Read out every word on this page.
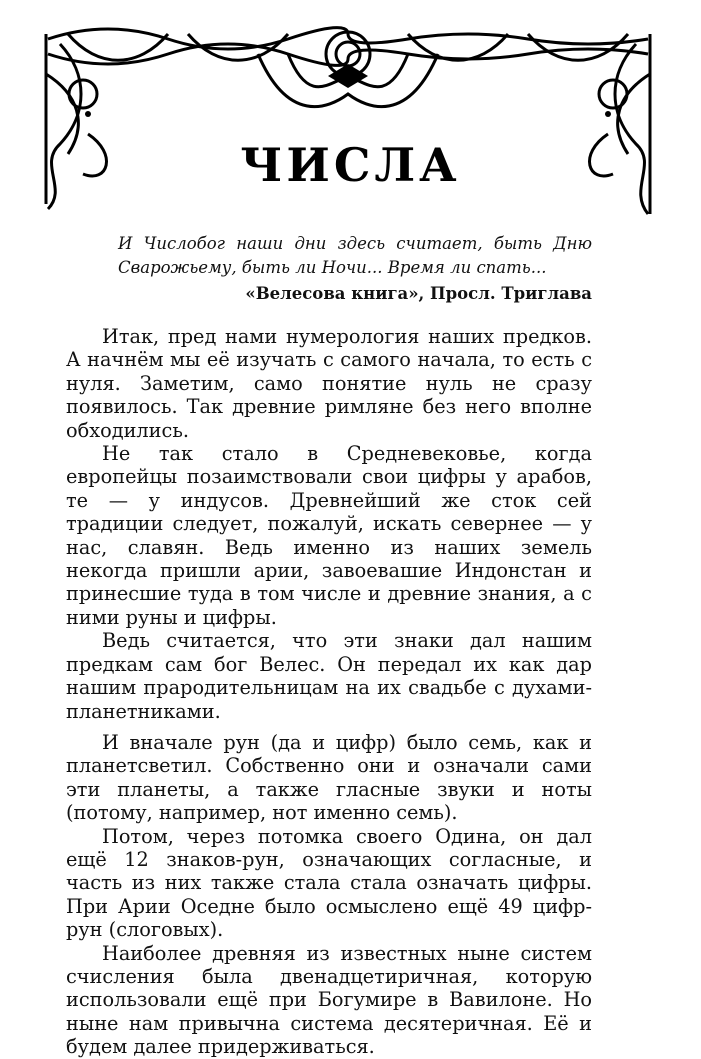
ЧИСЛА
И Числобог наши дни здесь считает, быть Дню Сварожьему, быть ли Ночи... Время ли спать...
«Велесова книга», Просл. Триглава

Итак, пред нами нумерология наших предков. А начнём мы её изучать с самого начала, то есть с нуля. Заметим, само понятие нуль не сразу появилось. Так древние римляне без него вполне обходились.

Не так стало в Средневековье, когда европейцы позаимствовали свои цифры у арабов, те — у индусов. Древнейший же сток сей традиции следует, пожалуй, искать севернее — у нас, славян. Ведь именно из наших земель некогда пришли арии, завоевашие Индонстан и принесшие туда в том числе и древние знания, а с ними руны и цифры.

Ведь считается, что эти знаки дал нашим предкам сам бог Велес. Он передал их как дар нашим прародительницам на их свадьбе с духами-планетниками.

И вначале рун (да и цифр) было семь, как и планетсветил. Собственно они и означали сами эти планеты, а также гласные звуки и ноты (потому, например, нот именно семь).

Потом, через потомка своего Одина, он дал ещё 12 знаков-рун, означающих согласные, и часть из них также стала стала означать цифры. При Арии Оседне было осмыслено ещё 49 цифр-рун (слоговых).

Наиболее древняя из известных ныне систем счисления была двенадцетиричная, которую использовали ещё при Богумире в Вавилоне. Но ныне нам привычна система десятеричная. Её и будем далее придерживаться.
